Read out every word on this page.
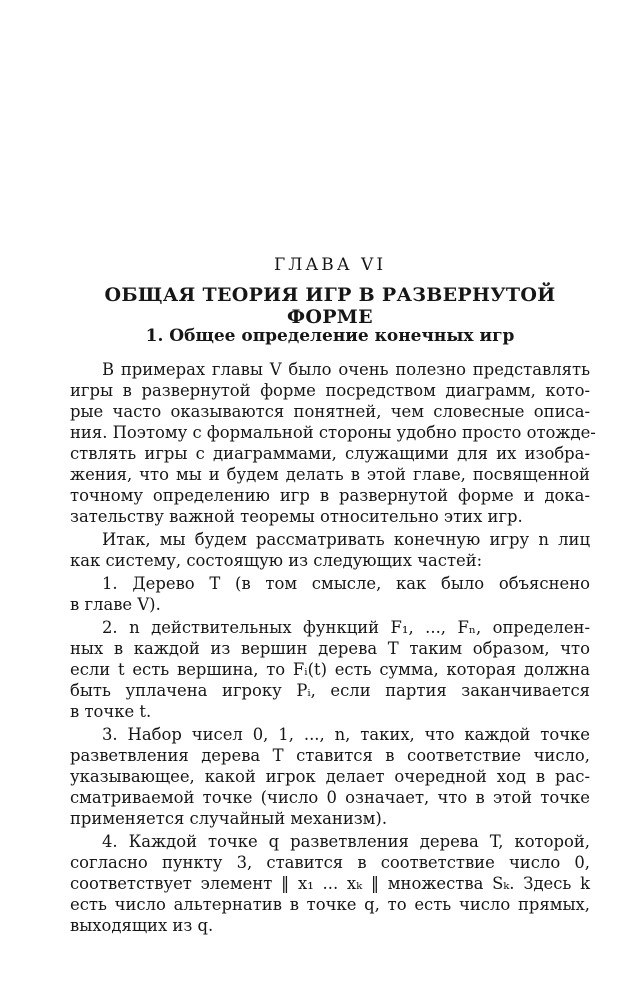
ГЛАВА VI
ОБЩАЯ ТЕОРИЯ ИГР В РАЗВЕРНУТОЙ ФОРМЕ
1. Общее определение конечных игр
В примерах главы V было очень полезно представлять
игры в развернутой форме посредством диаграмм, кото-
рые часто оказываются понятней, чем словесные описа-
ния. Поэтому с формальной стороны удобно просто отожде-
ствлять игры с диаграммами, служащими для их изобра-
жения, что мы и будем делать в этой главе, посвященной
точному определению игр в развернутой форме и дока-
зательству важной теоремы относительно этих игр.
Итак, мы будем рассматривать конечную игру n лиц
как систему, состоящую из следующих частей:
1. Дерево T (в том смысле, как было объяснено
в главе V).
2. n действительных функций F₁, ..., Fₙ, определен-
ных в каждой из вершин дерева T таким образом, что
если t есть вершина, то Fᵢ(t) есть сумма, которая должна
быть уплачена игроку Pᵢ, если партия заканчивается
в точке t.
3. Набор чисел 0, 1, ..., n, таких, что каждой точке
разветвления дерева T ставится в соответствие число,
указывающее, какой игрок делает очередной ход в рас-
сматриваемой точке (число 0 означает, что в этой точке
применяется случайный механизм).
4. Каждой точке q разветвления дерева T, которой,
согласно пункту 3, ставится в соответствие число 0,
соответствует элемент ‖ x₁ ... xₖ ‖ множества Sₖ. Здесь k
есть число альтернатив в точке q, то есть число прямых,
выходящих из q.
